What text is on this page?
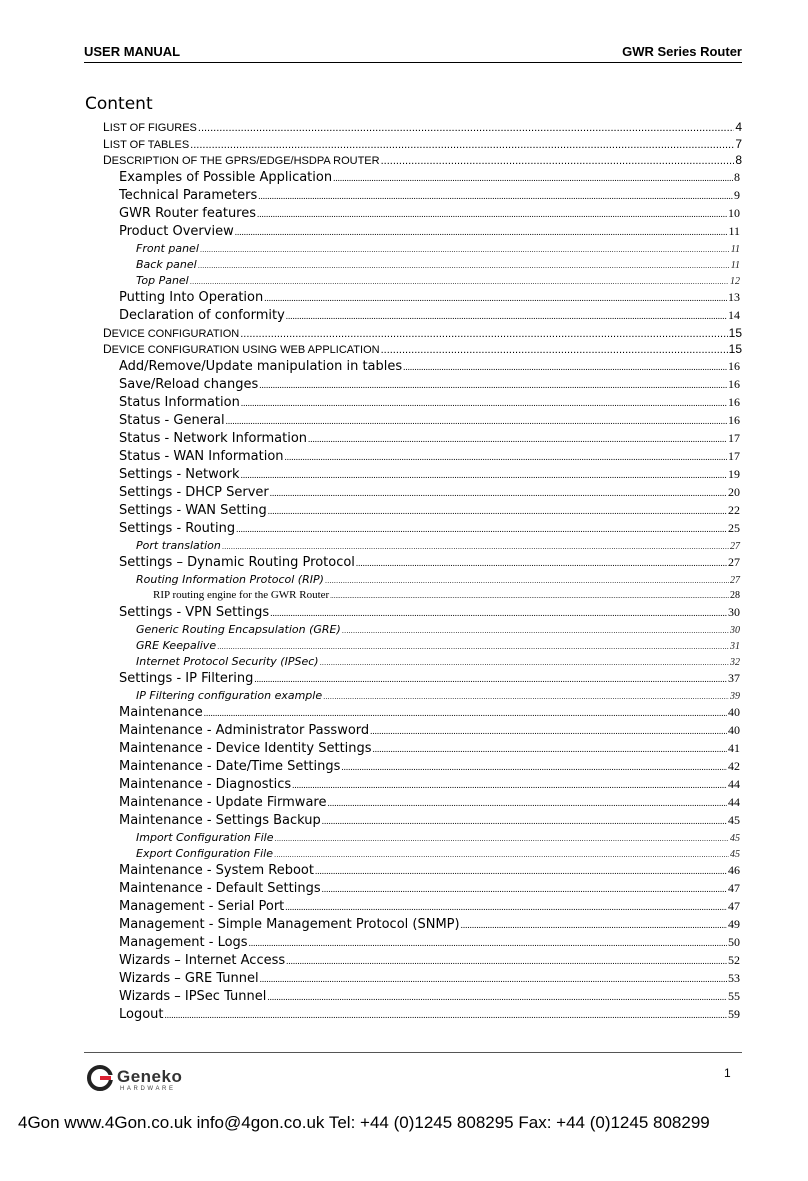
USER MANUAL	GWR Series Router
Content
LIST OF FIGURES .....	4
LIST OF TABLES .....	7
DESCRIPTION OF THE GPRS/EDGE/HSDPA ROUTER .....	8
Examples of Possible Application .....	8
Technical Parameters .....	9
GWR Router features .....	10
Product Overview .....	11
Front panel .....	11
Back panel .....	11
Top Panel .....	12
Putting Into Operation .....	13
Declaration of conformity .....	14
DEVICE CONFIGURATION .....	15
DEVICE CONFIGURATION USING WEB APPLICATION .....	15
Add/Remove/Update manipulation in tables .....	16
Save/Reload changes .....	16
Status Information .....	16
Status - General .....	16
Status - Network Information .....	17
Status - WAN Information .....	17
Settings - Network .....	19
Settings - DHCP Server .....	20
Settings - WAN Setting .....	22
Settings - Routing .....	25
Port translation .....	27
Settings – Dynamic Routing Protocol .....	27
Routing Information Protocol (RIP) .....	27
RIP routing engine for the GWR Router .....	28
Settings - VPN Settings .....	30
Generic Routing Encapsulation (GRE) .....	30
GRE Keepalive .....	31
Internet Protocol Security (IPSec) .....	32
Settings - IP Filtering .....	37
IP Filtering configuration example .....	39
Maintenance .....	40
Maintenance - Administrator Password .....	40
Maintenance - Device Identity Settings .....	41
Maintenance - Date/Time Settings .....	42
Maintenance - Diagnostics .....	44
Maintenance - Update Firmware .....	44
Maintenance - Settings Backup .....	45
Import Configuration File .....	45
Export Configuration File .....	45
Maintenance - System Reboot .....	46
Maintenance - Default Settings .....	47
Management - Serial Port .....	47
Management - Simple Management Protocol (SNMP) .....	49
Management - Logs .....	50
Wizards – Internet Access .....	52
Wizards – GRE Tunnel .....	53
Wizards – IPSec Tunnel .....	55
Logout .....	59
Geneko
HARDWARE
1
4Gon www.4Gon.co.uk info@4gon.co.uk Tel: +44 (0)1245 808295 Fax: +44 (0)1245 808299
